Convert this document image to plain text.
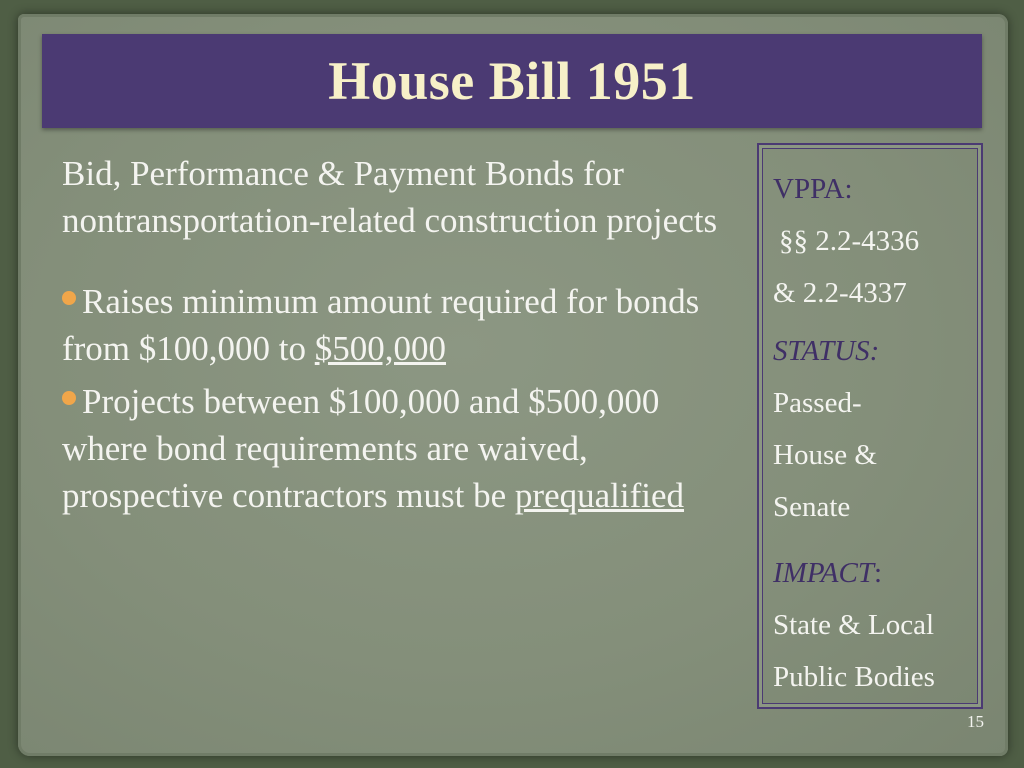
House Bill 1951

Bid, Performance & Payment Bonds for nontransportation-related construction projects

Raises minimum amount required for bonds from $100,000 to $500,000

Projects between $100,000 and $500,000 where bond requirements are waived, prospective contractors must be prequalified

VPPA:

§§ 2.2-4336

& 2.2-4337

STATUS:

Passed-

House &

Senate

IMPACT:

State & Local

Public Bodies

15
